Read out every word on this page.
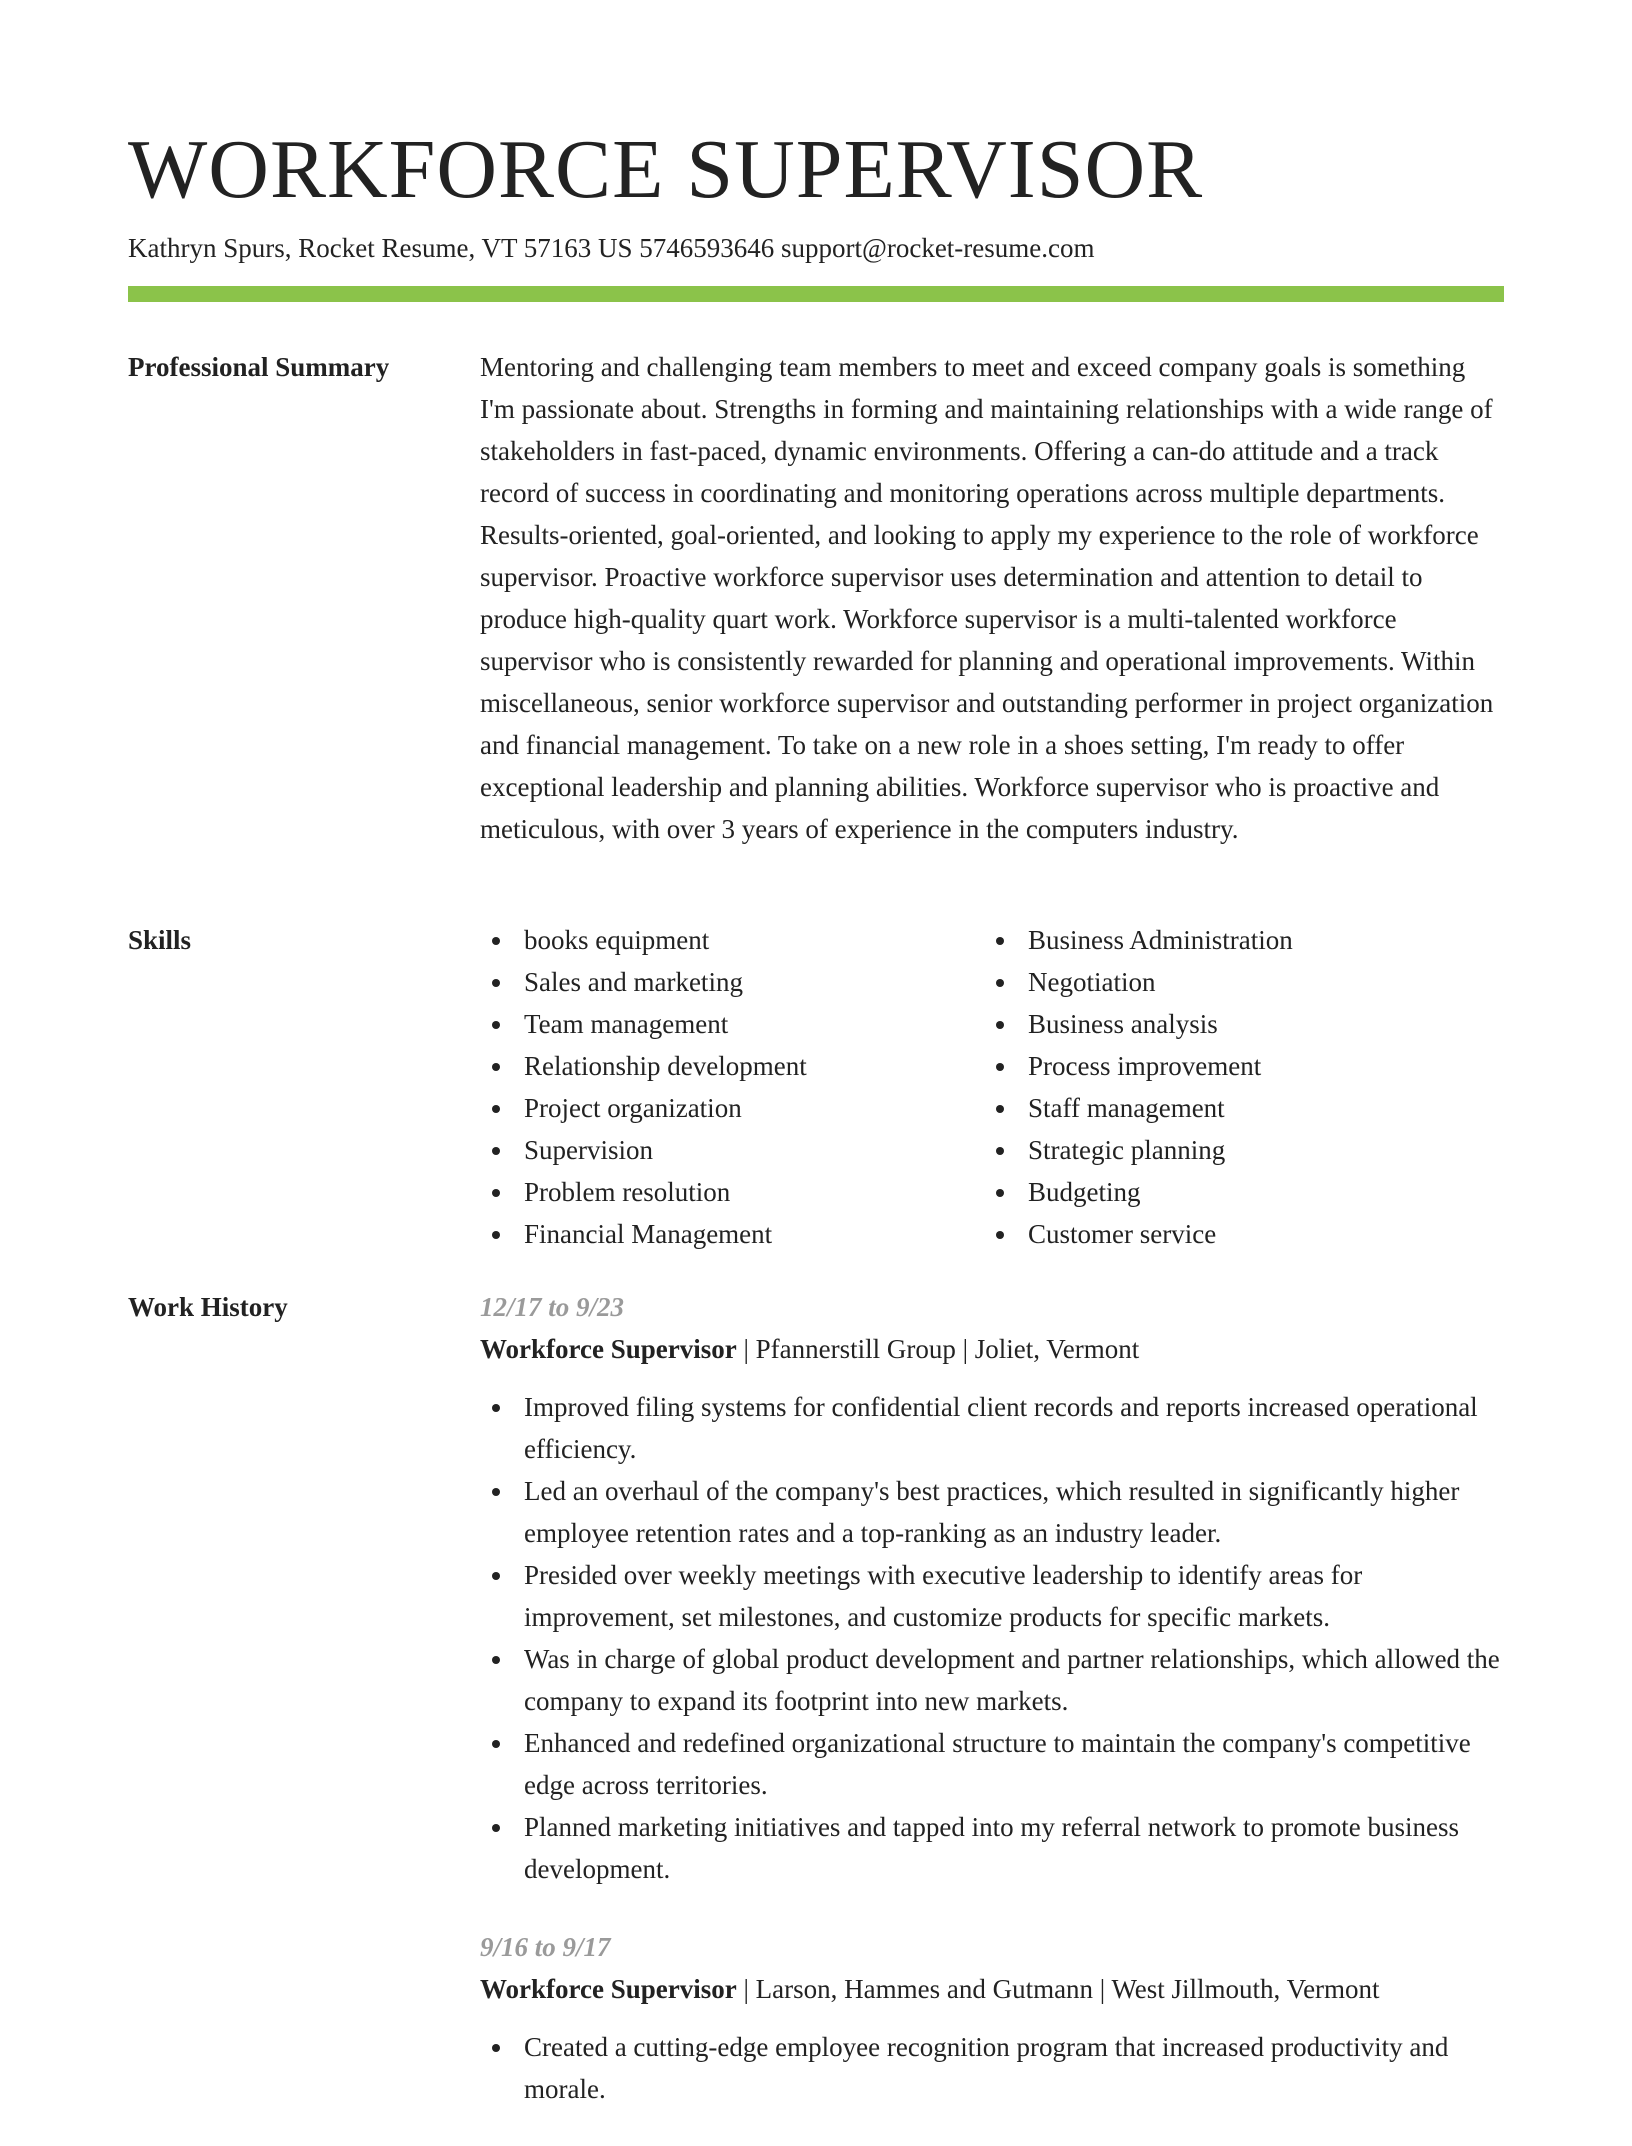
WORKFORCE SUPERVISOR
Kathryn Spurs, Rocket Resume, VT 57163 US 5746593646 support@rocket-resume.com
Professional Summary	Mentoring and challenging team members to meet and exceed company goals is something I'm passionate about. Strengths in forming and maintaining relationships with a wide range of stakeholders in fast-paced, dynamic environments. Offering a can-do attitude and a track record of success in coordinating and monitoring operations across multiple departments. Results-oriented, goal-oriented, and looking to apply my experience to the role of workforce supervisor. Proactive workforce supervisor uses determination and attention to detail to produce high-quality quart work. Workforce supervisor is a multi-talented workforce supervisor who is consistently rewarded for planning and operational improvements. Within miscellaneous, senior workforce supervisor and outstanding performer in project organization and financial management. To take on a new role in a shoes setting, I'm ready to offer exceptional leadership and planning abilities. Workforce supervisor who is proactive and meticulous, with over 3 years of experience in the computers industry.

Skills	books equipment
Sales and marketing
Team management
Relationship development
Project organization
Supervision
Problem resolution
Financial Management
Business Administration
Negotiation
Business analysis
Process improvement
Staff management
Strategic planning
Budgeting
Customer service
Work History	12/17 to 9/23
Workforce Supervisor | Pfannerstill Group | Joliet, Vermont
Improved filing systems for confidential client records and reports increased operational efficiency.
Led an overhaul of the company's best practices, which resulted in significantly higher employee retention rates and a top-ranking as an industry leader.
Presided over weekly meetings with executive leadership to identify areas for improvement, set milestones, and customize products for specific markets.
Was in charge of global product development and partner relationships, which allowed the company to expand its footprint into new markets.
Enhanced and redefined organizational structure to maintain the company's competitive edge across territories.
Planned marketing initiatives and tapped into my referral network to promote business development.
9/16 to 9/17
Workforce Supervisor | Larson, Hammes and Gutmann | West Jillmouth, Vermont
Created a cutting-edge employee recognition program that increased productivity and morale.
